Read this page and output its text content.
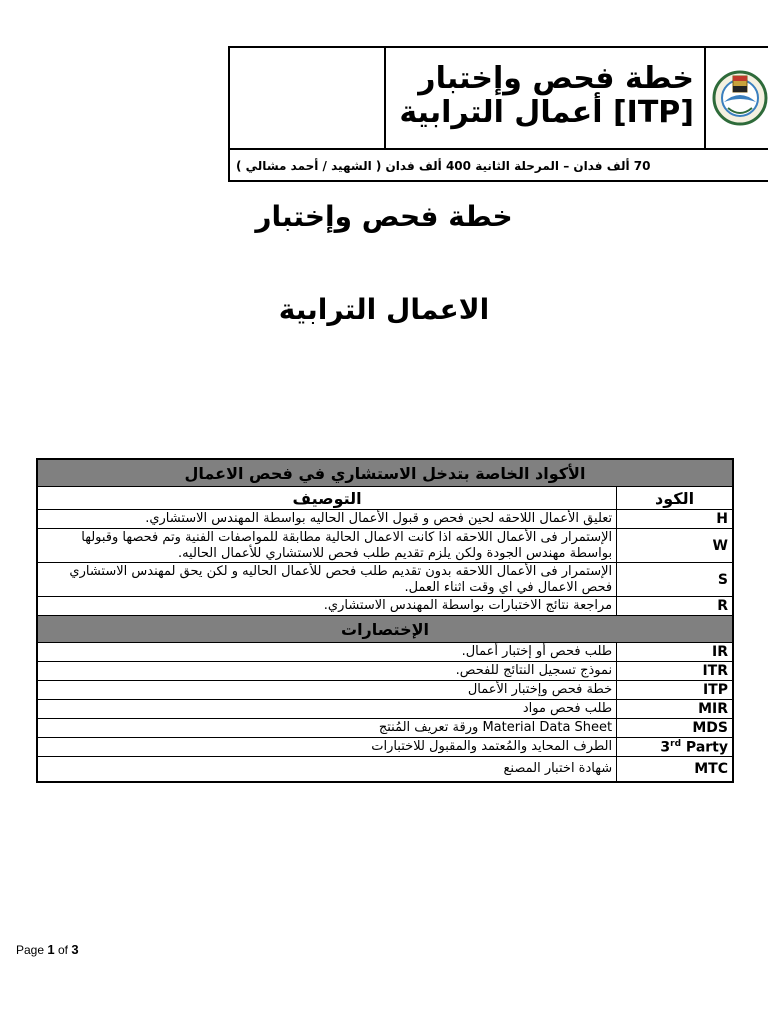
خطة فحص وإختبار
[ITP] أعمال الترابية
70 ألف فدان – المرحلة الثانية 400 ألف فدان ( الشهيد / أحمد مشالي )
خطة فحص وإختبار
الاعمال الترابية
الأكواد الخاصة بتدخل الاستشاري في فحص الاعمال	
التوصيف	الكود
تعليق الأعمال اللاحقه لحين فحص و قبول الأعمال الحاليه بواسطة المهندس الاستشاري.	H
الإستمرار فى الأعمال اللاحقه اذا كانت الاعمال الحالية مطابقة للمواصفات الفنية وتم فحصها وقبولها بواسطة مهندس الجودة ولكن يلزم تقديم طلب فحص للاستشاري للأعمال الحاليه.	W
الإستمرار فى الأعمال اللاحقه بدون تقديم طلب فحص للأعمال الحاليه و لكن يحق لمهندس الاستشاري فحص الاعمال في اي وقت اثناء العمل.	S
مراجعة نتائج الاختبارات بواسطة المهندس الاستشاري.	R
الإختصارات	
طلب فحص أو إختبار أعمال.	IR
نموذج تسجيل النتائج للفحص.	ITR
خطة فحص وإختبار الأعمال	ITP
طلب فحص مواد	MIR
Material Data Sheet ورقة تعريف المُنتج	MDS
الطرف المحايد والمُعتمد والمقبول للاختبارات	3rd Party
شهادة اختبار المصنع	MTC
Page 1 of 3
